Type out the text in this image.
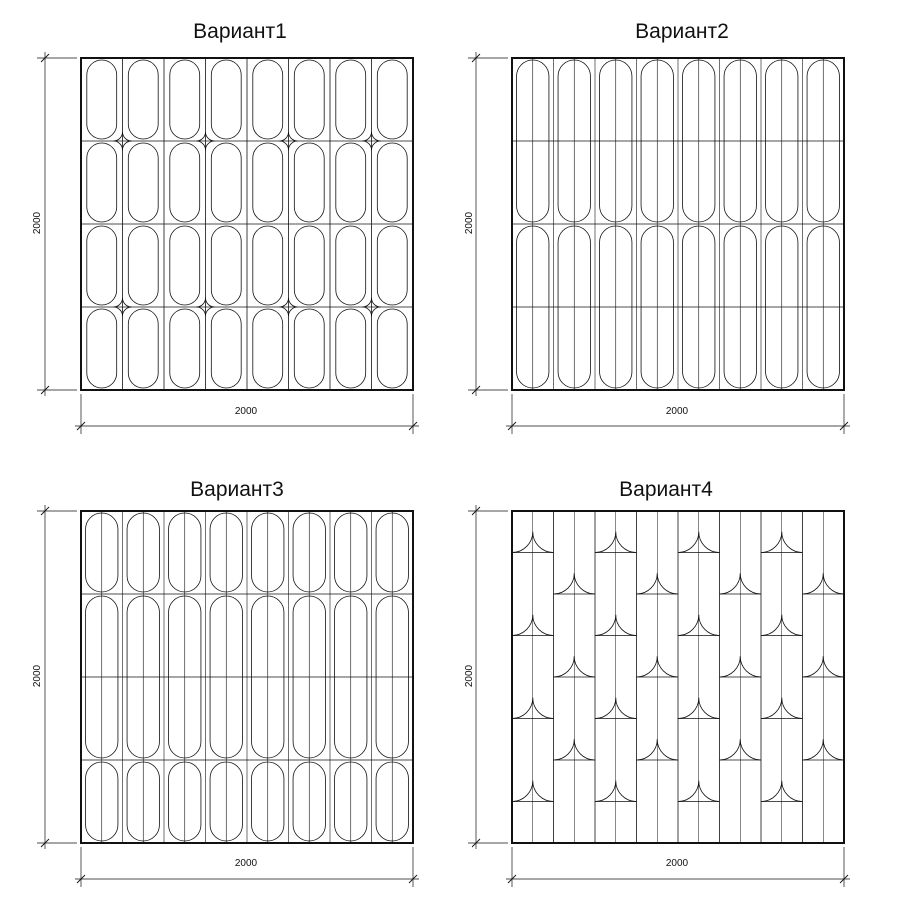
Вариант1	Вариант2
Вариант3	Вариант4
2000
2000
2000
2000
2000
2000
2000
2000
